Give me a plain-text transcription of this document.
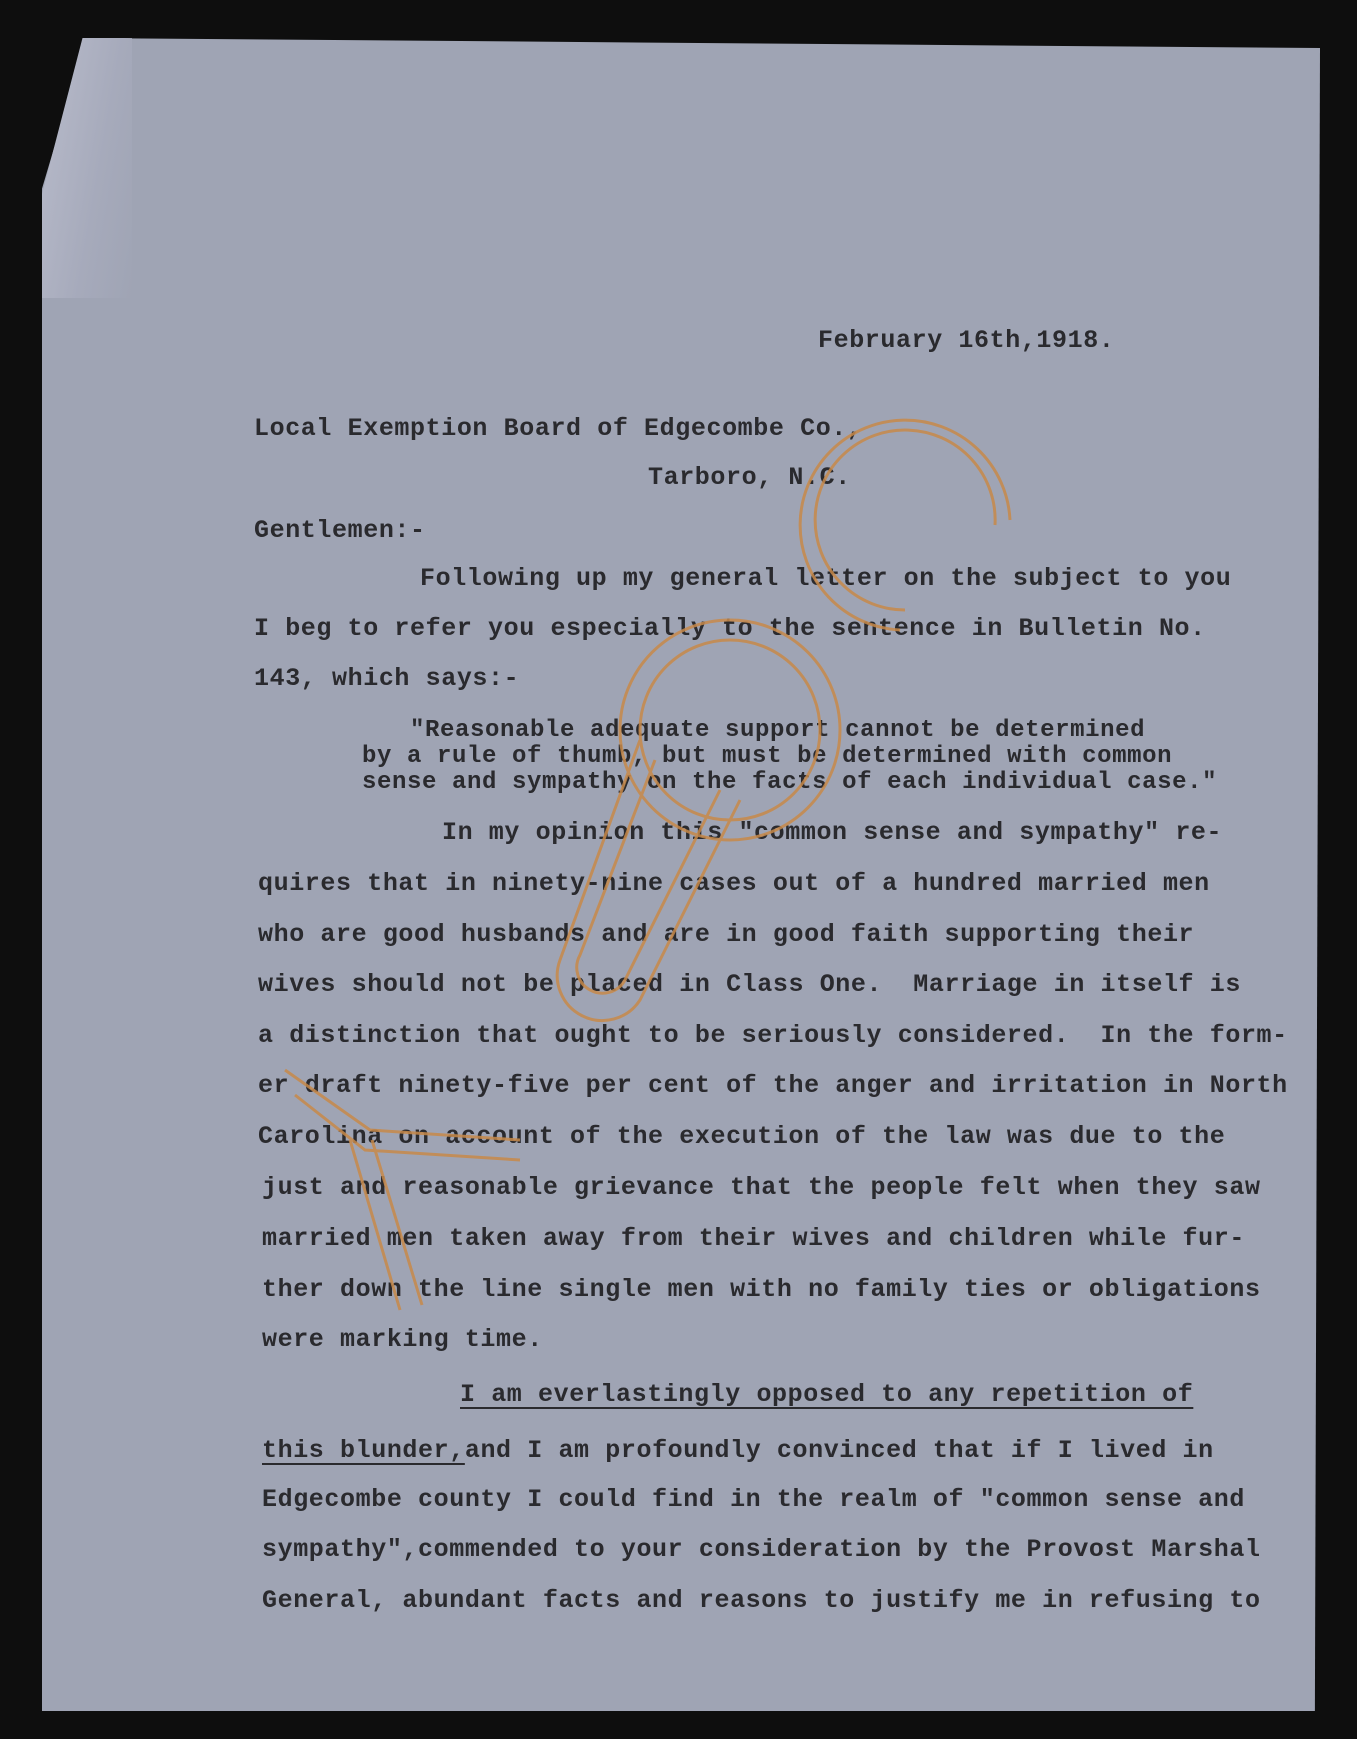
February 16th,1918.
Local Exemption Board of Edgecombe Co.,
Tarboro, N.C.
Gentlemen:-
Following up my general letter on the subject to you
I beg to refer you especially to the sentence in Bulletin No.
143, which says:-
"Reasonable adequate support cannot be determined
by a rule of thumb, but must be determined with common
sense and sympathy on the facts of each individual case."
In my opinion this "common sense and sympathy" re-
quires that in ninety-nine cases out of a hundred married men
who are good husbands and are in good faith supporting their
wives should not be placed in Class One.  Marriage in itself is
a distinction that ought to be seriously considered.  In the form-
er draft ninety-five per cent of the anger and irritation in North
Carolina on account of the execution of the law was due to the
just and reasonable grievance that the people felt when they saw
married men taken away from their wives and children while fur-
ther down the line single men with no family ties or obligations
were marking time.
I am everlastingly opposed to any repetition of
this blunder,and I am profoundly convinced that if I lived in
Edgecombe county I could find in the realm of "common sense and
sympathy",commended to your consideration by the Provost Marshal
General, abundant facts and reasons to justify me in refusing to
